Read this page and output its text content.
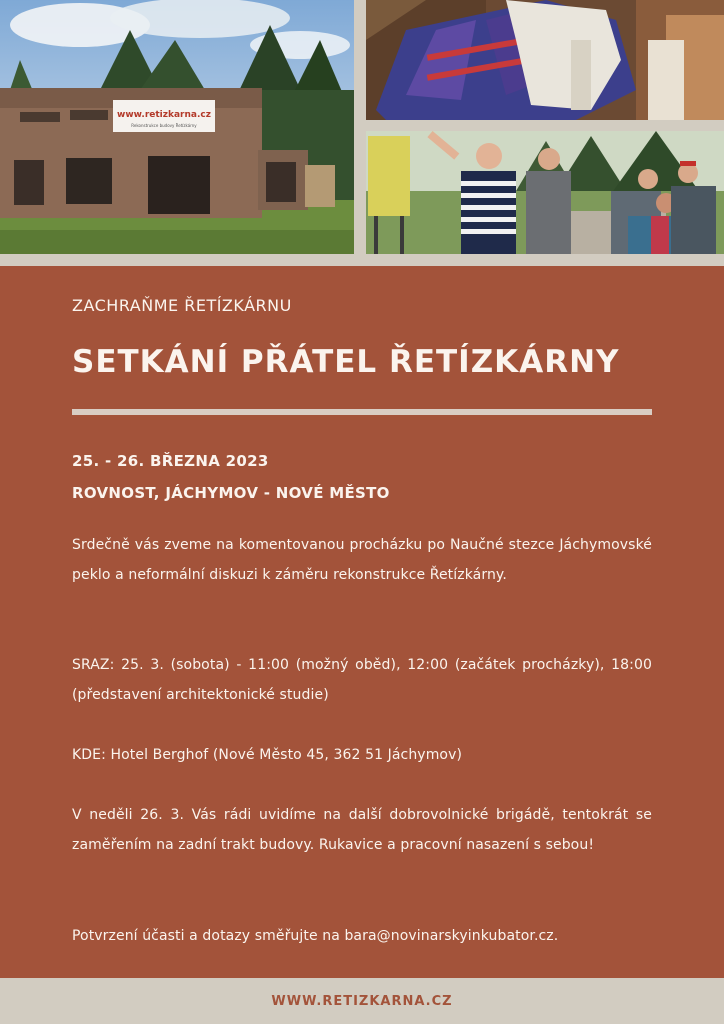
www.retizkarna.cz
Rekonstrukce budovy Řetízkárny
ZACHRAŇME ŘETÍZKÁRNU
SETKÁNÍ PŘÁTEL ŘETÍZKÁRNY
25. - 26. BŘEZNA 2023
ROVNOST, JÁCHYMOV - NOVÉ MĚSTO

Srdečně vás zveme na komentovanou procházku po Naučné stezce Jáchymovské peklo a neformální diskuzi k záměru rekonstrukce Řetízkárny.

SRAZ: 25. 3. (sobota) - 11:00 (možný oběd), 12:00 (začátek procházky), 18:00 (představení architektonické studie)

KDE: Hotel Berghof (Nové Město 45, 362 51 Jáchymov)

V neděli 26. 3. Vás rádi uvidíme na další dobrovolnické brigádě, tentokrát se zaměřením na zadní trakt budovy. Rukavice a pracovní nasazení s sebou!

Potvrzení účasti a dotazy směřujte na bara@novinarskyinkubator.cz.

WWW.RETIZKARNA.CZ
